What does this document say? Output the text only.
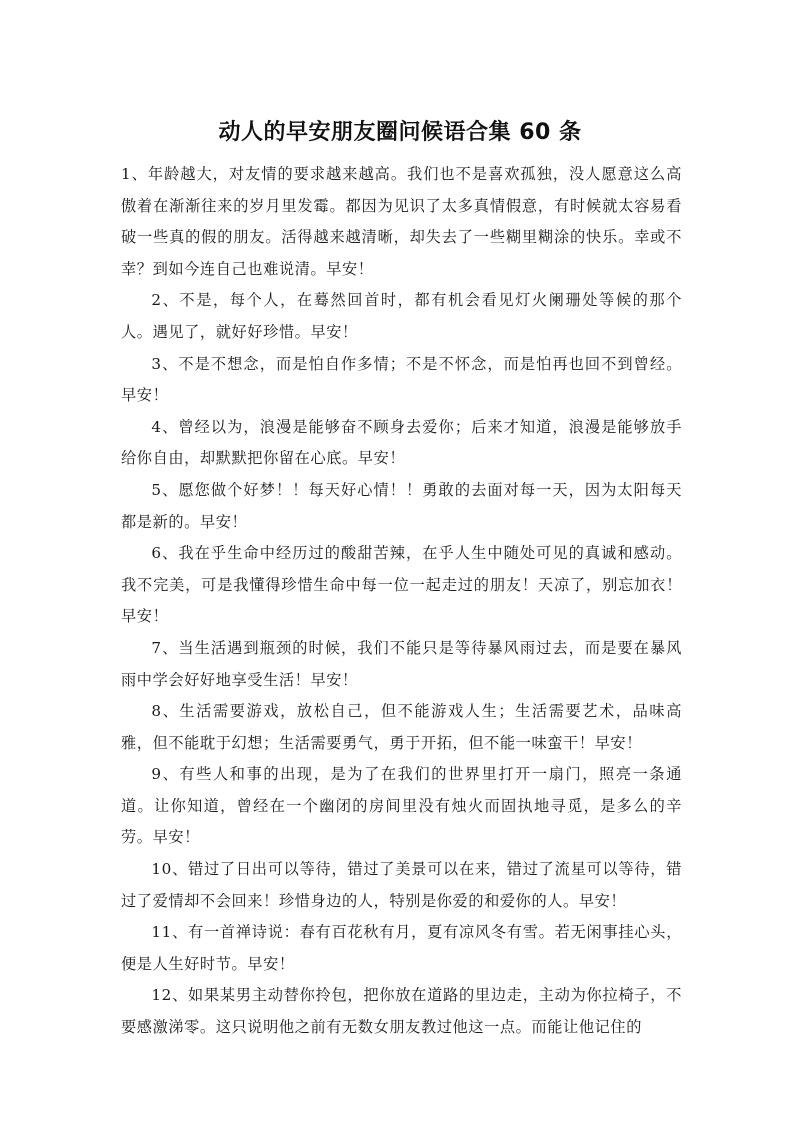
动人的早安朋友圈问候语合集 60 条

1、年龄越大，对友情的要求越来越高。我们也不是喜欢孤独，没人愿意这么高傲着在渐渐往来的岁月里发霉。都因为见识了太多真情假意，有时候就太容易看破一些真的假的朋友。活得越来越清晰，却失去了一些糊里糊涂的快乐。幸或不幸？到如今连自己也难说清。早安！

2、不是，每个人，在蓦然回首时，都有机会看见灯火阑珊处等候的那个人。遇见了，就好好珍惜。早安！

3、不是不想念，而是怕自作多情；不是不怀念，而是怕再也回不到曾经。早安！

4、曾经以为，浪漫是能够奋不顾身去爱你；后来才知道，浪漫是能够放手给你自由，却默默把你留在心底。早安！

5、愿您做个好梦！！每天好心情！！勇敢的去面对每一天，因为太阳每天都是新的。早安！

6、我在乎生命中经历过的酸甜苦辣，在乎人生中随处可见的真诚和感动。我不完美，可是我懂得珍惜生命中每一位一起走过的朋友！天凉了，别忘加衣！早安！

7、当生活遇到瓶颈的时候，我们不能只是等待暴风雨过去，而是要在暴风雨中学会好好地享受生活！早安！

8、生活需要游戏，放松自己，但不能游戏人生；生活需要艺术，品味高雅，但不能耽于幻想；生活需要勇气，勇于开拓，但不能一味蛮干！早安！

9、有些人和事的出现，是为了在我们的世界里打开一扇门，照亮一条通道。让你知道，曾经在一个幽闭的房间里没有烛火而固执地寻觅，是多么的辛劳。早安！

10、错过了日出可以等待，错过了美景可以在来，错过了流星可以等待，错过了爱情却不会回来！珍惜身边的人，特别是你爱的和爱你的人。早安！

11、有一首禅诗说：春有百花秋有月，夏有凉风冬有雪。若无闲事挂心头，便是人生好时节。早安！

12、如果某男主动替你拎包，把你放在道路的里边走，主动为你拉椅子，不要感激涕零。这只说明他之前有无数女朋友教过他这一点。而能让他记住的
